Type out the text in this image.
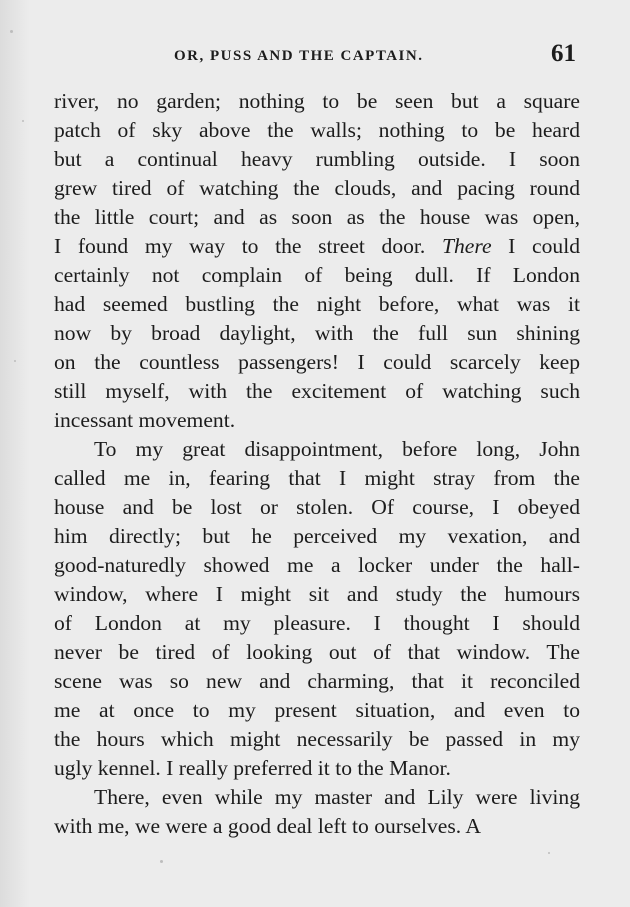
OR, PUSS AND THE CAPTAIN.	61
river, no garden; nothing to be seen but a square
patch of sky above the walls; nothing to be heard
but a continual heavy rumbling outside. I soon
grew tired of watching the clouds, and pacing round
the little court; and as soon as the house was open,
I found my way to the street door. There I could
certainly not complain of being dull. If London
had seemed bustling the night before, what was it
now by broad daylight, with the full sun shining
on the countless passengers! I could scarcely keep
still myself, with the excitement of watching such
incessant movement.
To my great disappointment, before long, John
called me in, fearing that I might stray from the
house and be lost or stolen. Of course, I obeyed
him directly; but he perceived my vexation, and
good-naturedly showed me a locker under the hall-
window, where I might sit and study the humours
of London at my pleasure. I thought I should
never be tired of looking out of that window. The
scene was so new and charming, that it reconciled
me at once to my present situation, and even to
the hours which might necessarily be passed in my
ugly kennel. I really preferred it to the Manor.
There, even while my master and Lily were living
with me, we were a good deal left to ourselves. A
